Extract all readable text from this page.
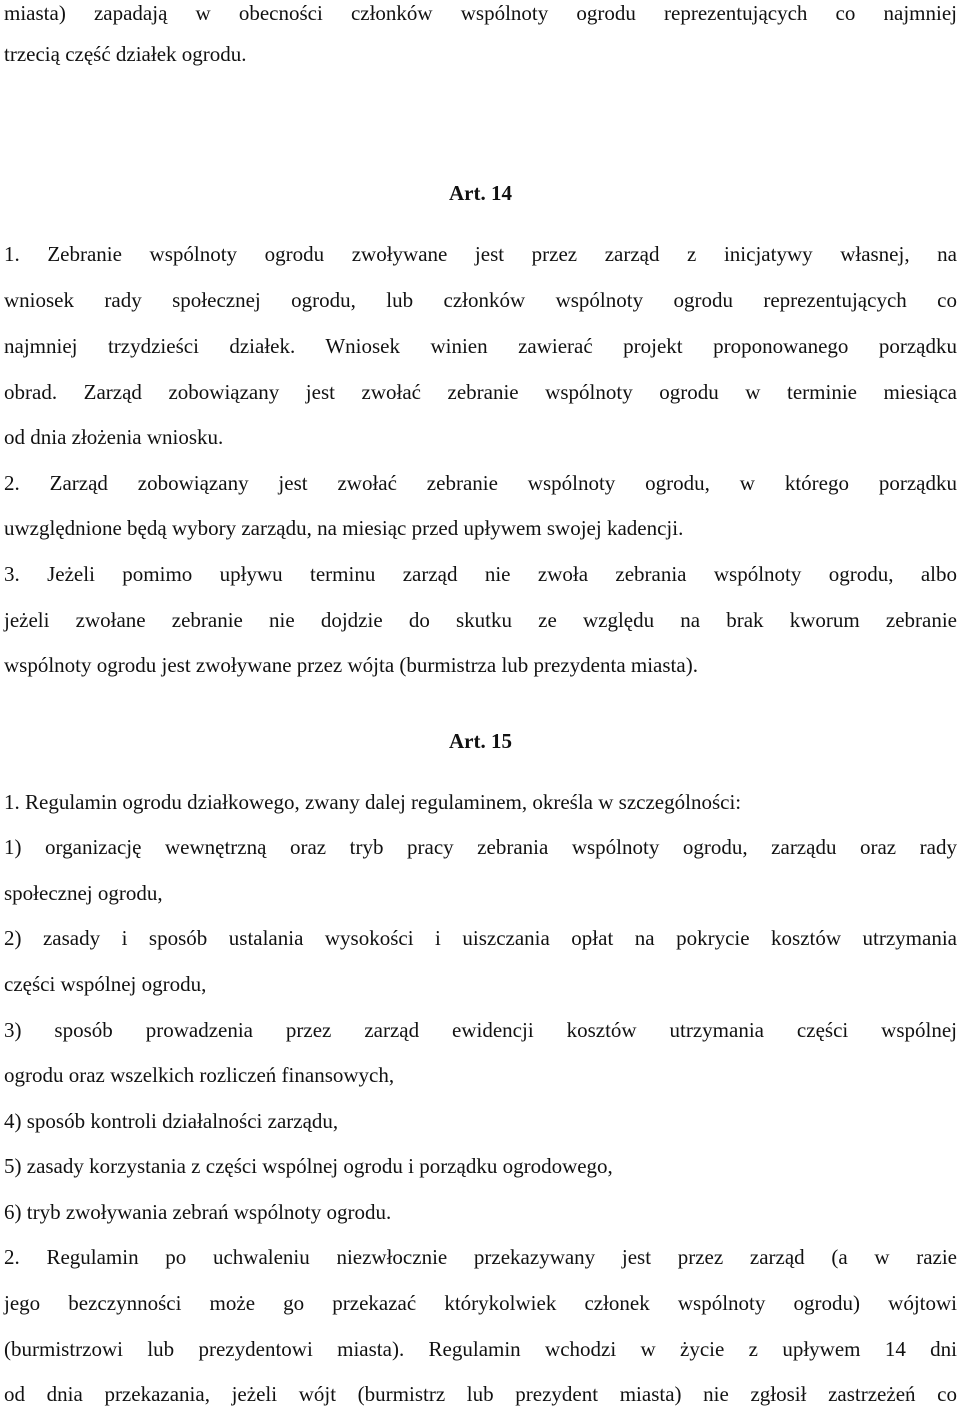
miasta) zapadają w obecności członków wspólnoty ogrodu reprezentujących co najmniej
trzecią część działek ogrodu.
Art. 14
1. Zebranie wspólnoty ogrodu zwoływane jest przez zarząd z inicjatywy własnej, na
wniosek rady społecznej ogrodu, lub członków wspólnoty ogrodu reprezentujących co
najmniej trzydzieści działek. Wniosek winien zawierać projekt proponowanego porządku
obrad. Zarząd zobowiązany jest zwołać zebranie wspólnoty ogrodu w terminie miesiąca
od dnia złożenia wniosku.
2. Zarząd zobowiązany jest zwołać zebranie wspólnoty ogrodu, w którego porządku
uwzględnione będą wybory zarządu, na miesiąc przed upływem swojej kadencji.
3. Jeżeli pomimo upływu terminu zarząd nie zwoła zebrania wspólnoty ogrodu, albo
jeżeli zwołane zebranie nie dojdzie do skutku ze względu na brak kworum zebranie
wspólnoty ogrodu jest zwoływane przez wójta (burmistrza lub prezydenta miasta).
Art. 15
1. Regulamin ogrodu działkowego, zwany dalej regulaminem, określa w szczególności:
1) organizację wewnętrzną oraz tryb pracy zebrania wspólnoty ogrodu, zarządu oraz rady
społecznej ogrodu,
2) zasady i sposób ustalania wysokości i uiszczania opłat na pokrycie kosztów utrzymania
części wspólnej ogrodu,
3) sposób prowadzenia przez zarząd ewidencji kosztów utrzymania części wspólnej
ogrodu oraz wszelkich rozliczeń finansowych,
4) sposób kontroli działalności zarządu,
5) zasady korzystania z części wspólnej ogrodu i porządku ogrodowego,
6) tryb zwoływania zebrań wspólnoty ogrodu.
2. Regulamin po uchwaleniu niezwłocznie przekazywany jest przez zarząd (a w razie
jego bezczynności może go przekazać którykolwiek członek wspólnoty ogrodu) wójtowi
(burmistrzowi lub prezydentowi miasta). Regulamin wchodzi w życie z upływem 14 dni
od dnia przekazania, jeżeli wójt (burmistrz lub prezydent miasta) nie zgłosił zastrzeżeń co
